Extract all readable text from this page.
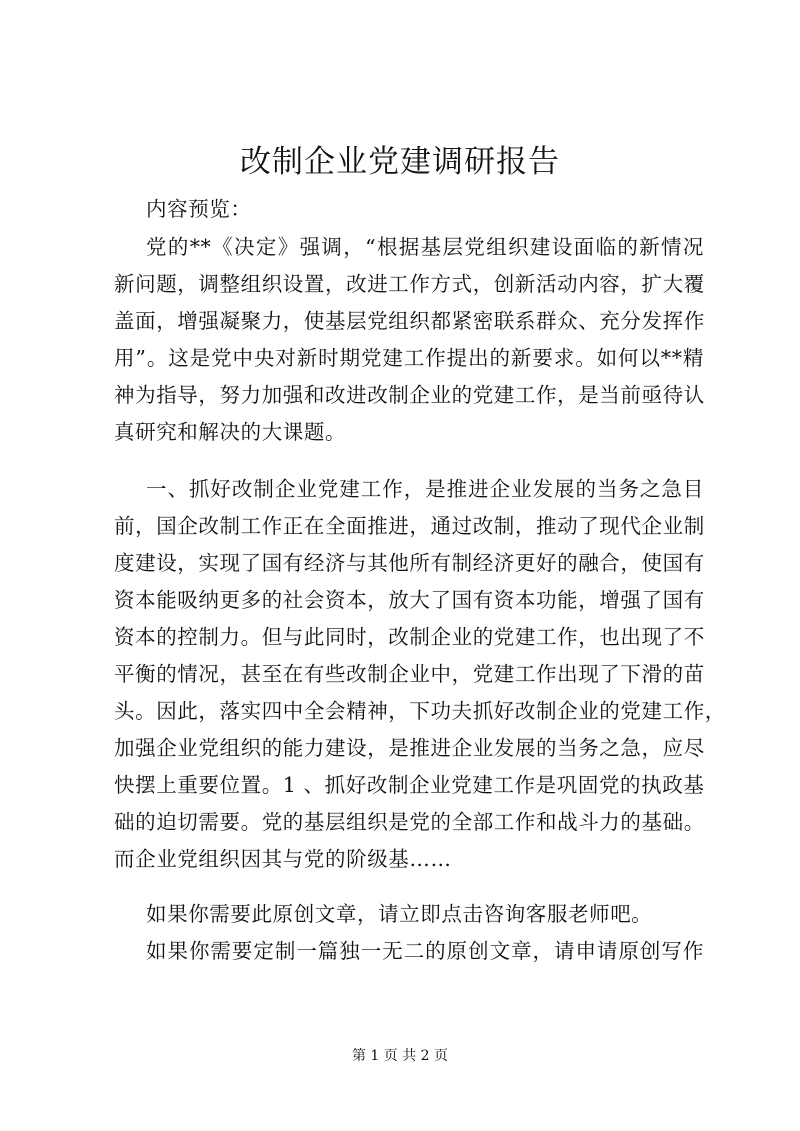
改制企业党建调研报告

内容预览：

党的**《决定》强调，“根据基层党组织建设面临的新情况

新问题，调整组织设置，改进工作方式，创新活动内容，扩大覆

盖面，增强凝聚力，使基层党组织都紧密联系群众、充分发挥作

用”。这是党中央对新时期党建工作提出的新要求。如何以**精

神为指导，努力加强和改进改制企业的党建工作，是当前亟待认

真研究和解决的大课题。

一、抓好改制企业党建工作，是推进企业发展的当务之急目

前，国企改制工作正在全面推进，通过改制，推动了现代企业制

度建设，实现了国有经济与其他所有制经济更好的融合，使国有

资本能吸纳更多的社会资本，放大了国有资本功能，增强了国有

资本的控制力。但与此同时，改制企业的党建工作，也出现了不

平衡的情况，甚至在有些改制企业中，党建工作出现了下滑的苗

头。因此，落实四中全会精神，下功夫抓好改制企业的党建工作，

加强企业党组织的能力建设，是推进企业发展的当务之急，应尽

快摆上重要位置。1 、抓好改制企业党建工作是巩固党的执政基

础的迫切需要。党的基层组织是党的全部工作和战斗力的基础。

而企业党组织因其与党的阶级基……

如果你需要此原创文章，请立即点击咨询客服老师吧。

如果你需要定制一篇独一无二的原创文章，请申请原创写作

第 1 页 共 2 页
